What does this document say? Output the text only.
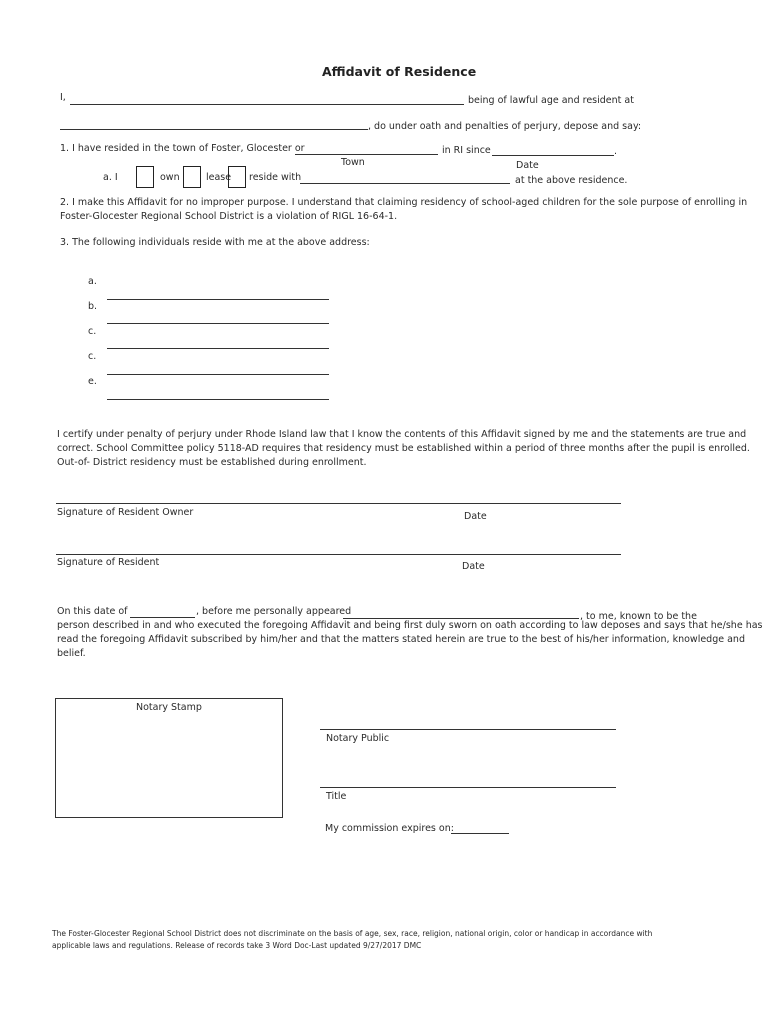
Affidavit of Residence
I,	being of lawful age and resident at
, do under oath and penalties of perjury, depose and say:
1. I have resided in the town of Foster, Glocester or	in RI since	.
Town	Date
a. I	own	lease reside with	at the above residence.
2. I make this Affidavit for no improper purpose. I understand that claiming residency of school-aged children for the sole purpose of enrolling in
Foster-Glocester Regional School District is a violation of RIGL 16-64-1.
3. The following individuals reside with me at the above address:
a.
b.
c.
c.
e.
I certify under penalty of perjury under Rhode Island law that I know the contents of this Affidavit signed by me and the statements are true and
correct. School Committee policy 5118-AD requires that residency must be established within a period of three months after the pupil is enrolled.
Out-of- District residency must be established during enrollment.
Signature of Resident Owner	Date
Signature of Resident	Date
On this date of	, before me personally appeared	, to me, known to be the
person described in and who executed the foregoing Affidavit and being first duly sworn on oath according to law deposes and says that he/she has
read the foregoing Affidavit subscribed by him/her and that the matters stated herein are true to the best of his/her information, knowledge and
belief.
Notary Stamp
Notary Public
Title
My commission expires on:
The Foster-Glocester Regional School District does not discriminate on the basis of age, sex, race, religion, national origin, color or handicap in accordance with
applicable laws and regulations. Release of records take 3 Word Doc-Last updated 9/27/2017 DMC
